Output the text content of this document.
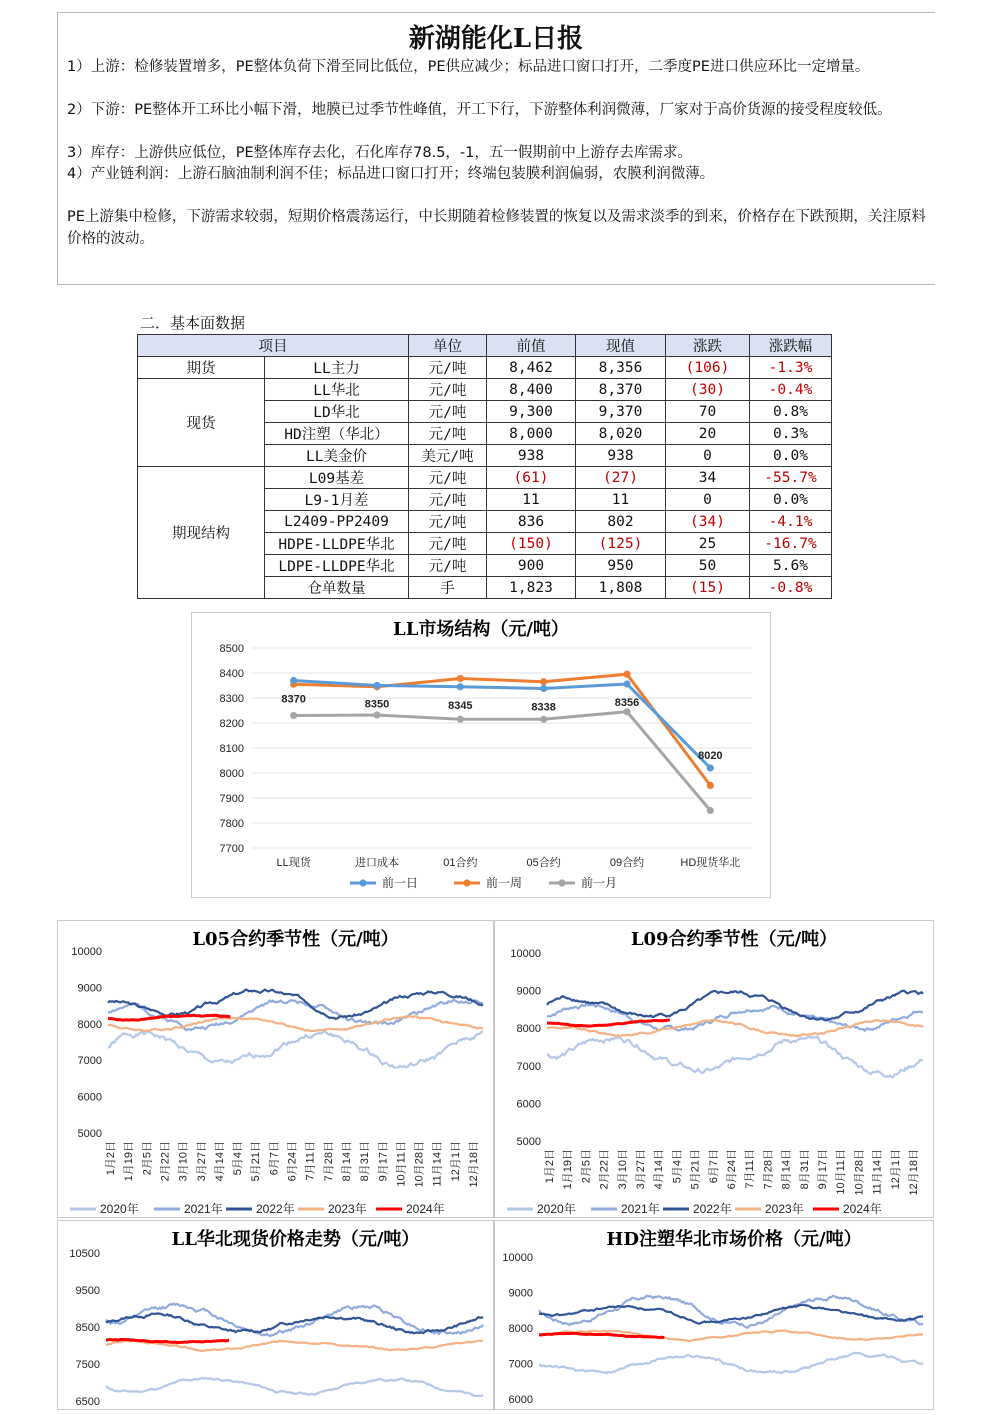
新湖能化L日报
1）上游：检修装置增多，PE整体负荷下滑至同比低位，PE供应减少；标品进口窗口打开，二季度PE进口供应环比一定增量。
2）下游：PE整体开工环比小幅下滑，地膜已过季节性峰值，开工下行，下游整体利润微薄，厂家对于高价货源的接受程度较低。
3）库存：上游供应低位，PE整体库存去化，石化库存78.5，-1，五一假期前中上游存去库需求。
4）产业链利润：上游石脑油制利润不佳；标品进口窗口打开；终端包装膜利润偏弱，农膜利润微薄。
PE上游集中检修，下游需求较弱，短期价格震荡运行，中长期随着检修装置的恢复以及需求淡季的到来，价格存在下跌预期，关注原料价格的波动。
二．基本面数据
项目		单位	前值	现值	涨跌	涨跌幅
期货	LL主力	元/吨	8,462	8,356	(106)	-1.3%
现货	LL华北	元/吨	8,400	8,370	(30)	-0.4%
	LD华北	元/吨	9,300	9,370	70	0.8%
	HD注塑（华北）	元/吨	8,000	8,020	20	0.3%
	LL美金价	美元/吨	938	938	0	0.0%
期现结构	L09基差	元/吨	(61)	(27)	34	-55.7%
	L9-1月差	元/吨	11	11	0	0.0%
	L2409-PP2409	元/吨	836	802	(34)	-4.1%
	HDPE-LLDPE华北	元/吨	(150)	(125)	25	-16.7%
	LDPE-LLDPE华北	元/吨	900	950	50	5.6%
	仓单数量	手	1,823	1,808	(15)	-0.8%
LL市场结构（元/吨）
8500
8400
8300
8200
8100
8000
7900
7800
7700
LL现货	进口成本	01合约	05合约	09合约	HD现货华北
8370	8350	8345	8338	8356
8020
前一日	前一周	前一月
L05合约季节性（元/吨）
10000
9000
8000
7000
6000
5000
1月2日 1月19日 2月5日 2月22日 3月10日 3月27日 4月14日 5月4日 5月21日 6月7日 6月24日 7月11日 7月28日 8月14日 8月31日 9月17日 10月11日 10月28日 11月14日 12月1日 12月18日
2020年	2021年	2022年	2023年	2024年
L09合约季节性（元/吨）
10000
9000
8000
7000
6000
5000
1月2日 1月19日 2月5日 2月22日 3月10日 3月27日 4月14日 5月4日 5月21日 6月7日 6月24日 7月11日 7月28日 8月14日 8月31日 9月17日 10月11日 10月28日 11月14日 12月1日 12月18日
2020年	2021年	2022年	2023年	2024年
LL华北现货价格走势（元/吨）
10500
9500
8500
7500
6500
HD注塑华北市场价格（元/吨）
10000
9000
8000
7000
6000
